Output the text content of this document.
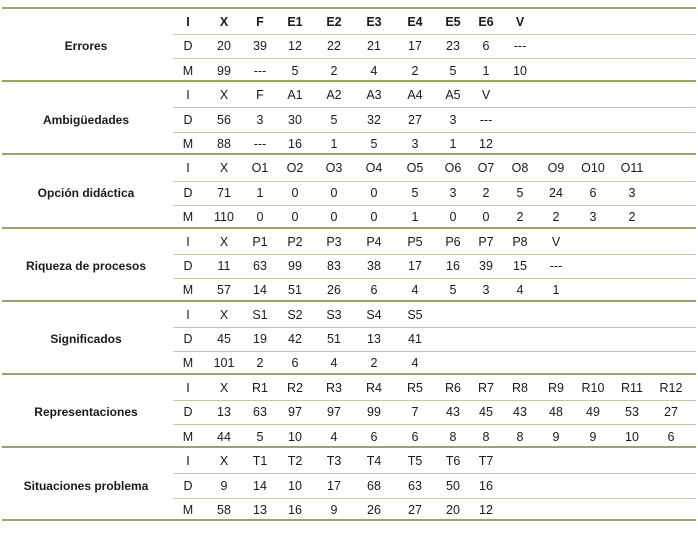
Errores
I	X	F	E1	E2	E3	E4	E5	E6	V
D	20	39	12	22	21	17	23	6	---
M	99	---	5	2	4	2	5	1	10
Ambigüedades
I	X	F	A1	A2	A3	A4	A5	V
D	56	3	30	5	32	27	3	---
M	88	---	16	1	5	3	1	12
Opción didáctica
I	X	O1	O2	O3	O4	O5	O6	O7	O8	O9	O10	O11
D	71	1	0	0	0	5	3	2	5	24	6	3
M	110	0	0	0	0	1	0	0	2	2	3	2
Riqueza de procesos
I	X	P1	P2	P3	P4	P5	P6	P7	P8	V
D	11	63	99	83	38	17	16	39	15	---
M	57	14	51	26	6	4	5	3	4	1
Significados
I	X	S1	S2	S3	S4	S5
D	45	19	42	51	13	41
M	101	2	6	4	2	4
Representaciones
I	X	R1	R2	R3	R4	R5	R6	R7	R8	R9	R10	R11	R12
D	13	63	97	97	99	7	43	45	43	48	49	53	27
M	44	5	10	4	6	6	8	8	8	9	9	10	6
Situaciones problema
I	X	T1	T2	T3	T4	T5	T6	T7
D	9	14	10	17	68	63	50	16
M	58	13	16	9	26	27	20	12
